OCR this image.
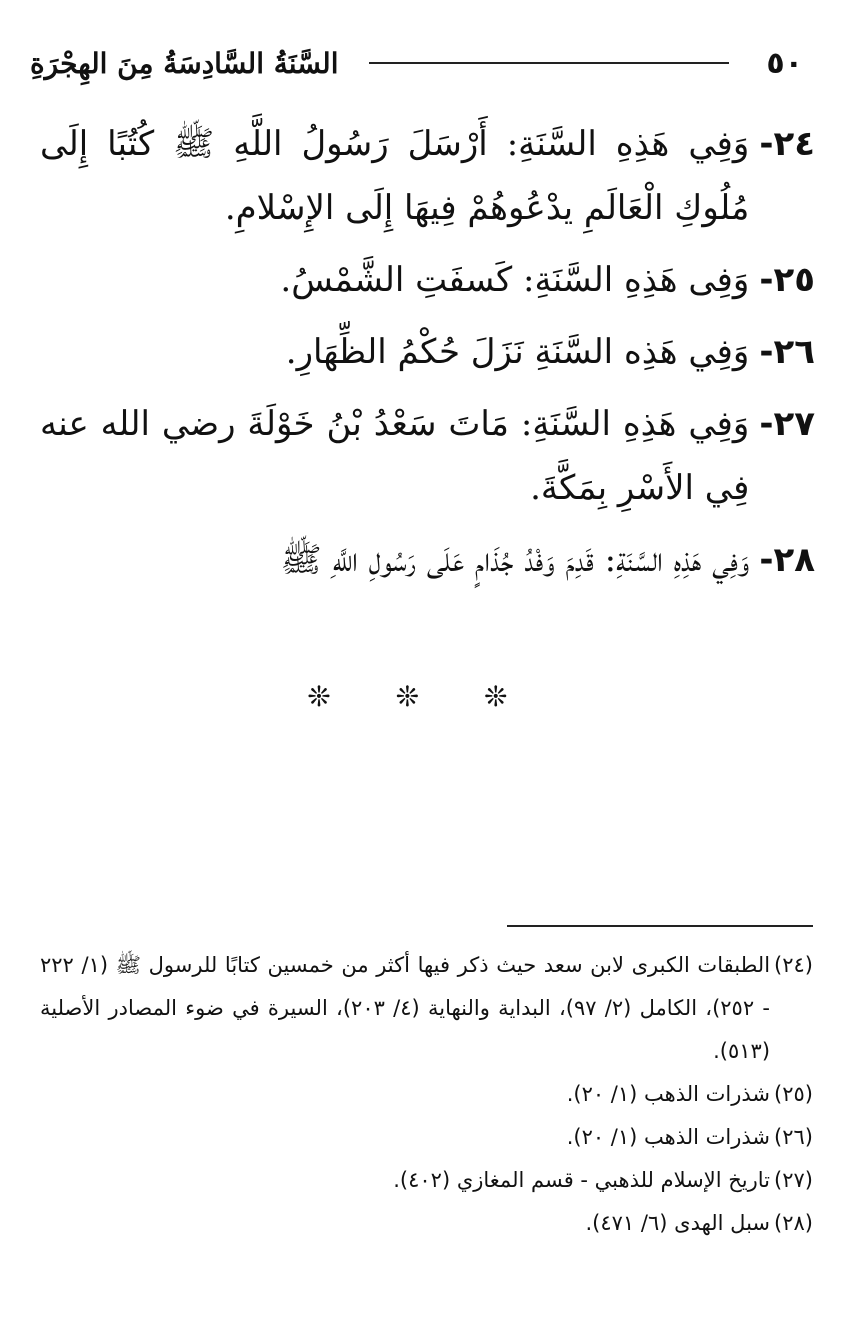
٥٠
السَّنَةُ السَّادِسَةُ مِنَ الهِجْرَةِ
٢٤-
وَفِي هَذِهِ السَّنَةِ: أَرْسَلَ رَسُولُ اللَّهِ ﷺ كُتُبًا إِلَى مُلُوكِ الْعَالَمِ يدْعُوهُمْ فِيهَا إِلَى الإِسْلامِ.
٢٥-
وَفِى هَذِهِ السَّنَةِ: كَسفَتِ الشَّمْسُ.
٢٦-
وَفِي هَذِه السَّنَةِ نَزَلَ حُكْمُ الظِّهَارِ.
٢٧-
وَفِي هَذِهِ السَّنَةِ: مَاتَ سَعْدُ بْنُ خَوْلَةَ رضي الله عنه فِي الأَسْرِ بِمَكَّةَ.
٢٨-
وَفِي هَذِهِ السَّنَةِ: قَدِمَ وَفْدُ جُذَامٍ عَلَى رَسُولِ اللَّهِ ﷺ
❊ ❊ ❊
(٢٤)
الطبقات الكبرى لابن سعد حيث ذكر فيها أكثر من خمسين كتابًا للرسول ﷺ (١/ ٢٢٢ - ٢٥٢)، الكامل (٢/ ٩٧)، البداية والنهاية (٤/ ٢٠٣)، السيرة في ضوء المصادر الأصلية (٥١٣).
(٢٥)
شذرات الذهب (١/ ٢٠).
(٢٦)
شذرات الذهب (١/ ٢٠).
(٢٧)
تاريخ الإسلام للذهبي - قسم المغازي (٤٠٢).
(٢٨)
سبل الهدى (٦/ ٤٧١).
